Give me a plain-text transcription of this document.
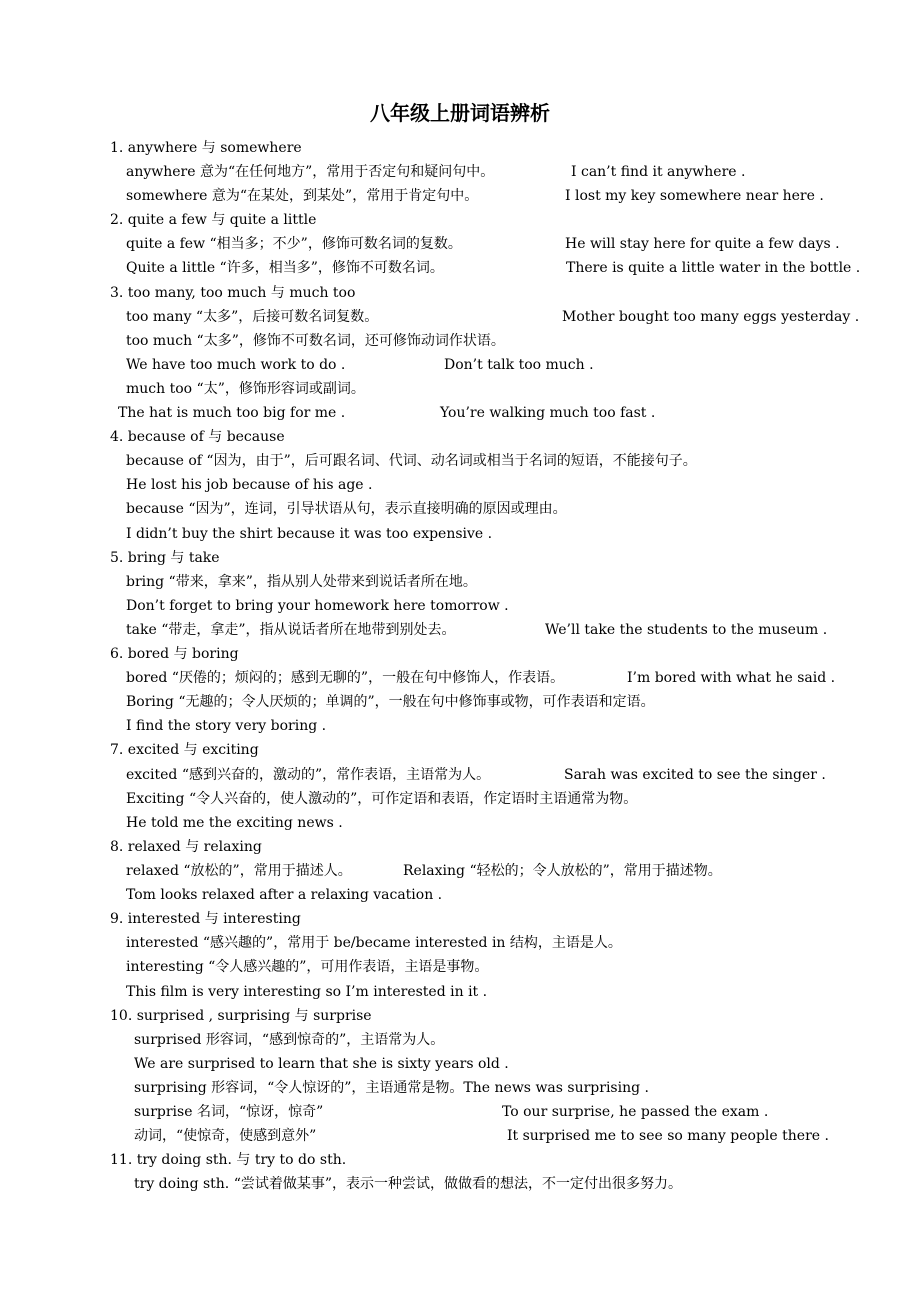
八年级上册词语辨析
1. anywhere 与 somewhere
anywhere 意为“在任何地方”，常用于否定句和疑问句中。	I can’t find it anywhere .
somewhere 意为“在某处，到某处”，常用于肯定句中。	I lost my key somewhere near here .
2. quite a few 与 quite a little
quite a few “相当多；不少”，修饰可数名词的复数。	He will stay here for quite a few days .
Quite a little “许多，相当多”，修饰不可数名词。	There is quite a little water in the bottle .
3. too many, too much 与 much too
too many “太多”，后接可数名词复数。	Mother bought too many eggs yesterday .
too much “太多”，修饰不可数名词，还可修饰动词作状语。
We have too much work to do .	Don’t talk too much .
much too “太”，修饰形容词或副词。
The hat is much too big for me .	You’re walking much too fast .
4. because of 与 because
because of “因为，由于”，后可跟名词、代词、动名词或相当于名词的短语，不能接句子。
He lost his job because of his age .
because “因为”，连词，引导状语从句，表示直接明确的原因或理由。
I didn’t buy the shirt because it was too expensive .
5. bring 与 take
bring “带来，拿来”，指从别人处带来到说话者所在地。
Don’t forget to bring your homework here tomorrow .
take “带走，拿走”，指从说话者所在地带到别处去。	We’ll take the students to the museum .
6. bored 与 boring
bored “厌倦的；烦闷的；感到无聊的”，一般在句中修饰人，作表语。	I’m bored with what he said .
Boring “无趣的；令人厌烦的；单调的”，一般在句中修饰事或物，可作表语和定语。
I find the story very boring .
7. excited 与 exciting
excited “感到兴奋的，激动的”，常作表语，主语常为人。	Sarah was excited to see the singer .
Exciting “令人兴奋的，使人激动的”，可作定语和表语，作定语时主语通常为物。
He told me the exciting news .
8. relaxed 与 relaxing
relaxed “放松的”，常用于描述人。	Relaxing “轻松的；令人放松的”，常用于描述物。
Tom looks relaxed after a relaxing vacation .
9. interested 与 interesting
interested “感兴趣的”，常用于 be/became interested in 结构，主语是人。
interesting “令人感兴趣的”，可用作表语，主语是事物。
This film is very interesting so I’m interested in it .
10. surprised , surprising 与 surprise
surprised 形容词，“感到惊奇的”，主语常为人。
We are surprised to learn that she is sixty years old .
surprising 形容词，“令人惊讶的”，主语通常是物。The news was surprising .
surprise 名词，“惊讶，惊奇”	To our surprise, he passed the exam .
动词，“使惊奇，使感到意外”	It surprised me to see so many people there .
11. try doing sth. 与 try to do sth.
try doing sth. “尝试着做某事”，表示一种尝试，做做看的想法，不一定付出很多努力。
